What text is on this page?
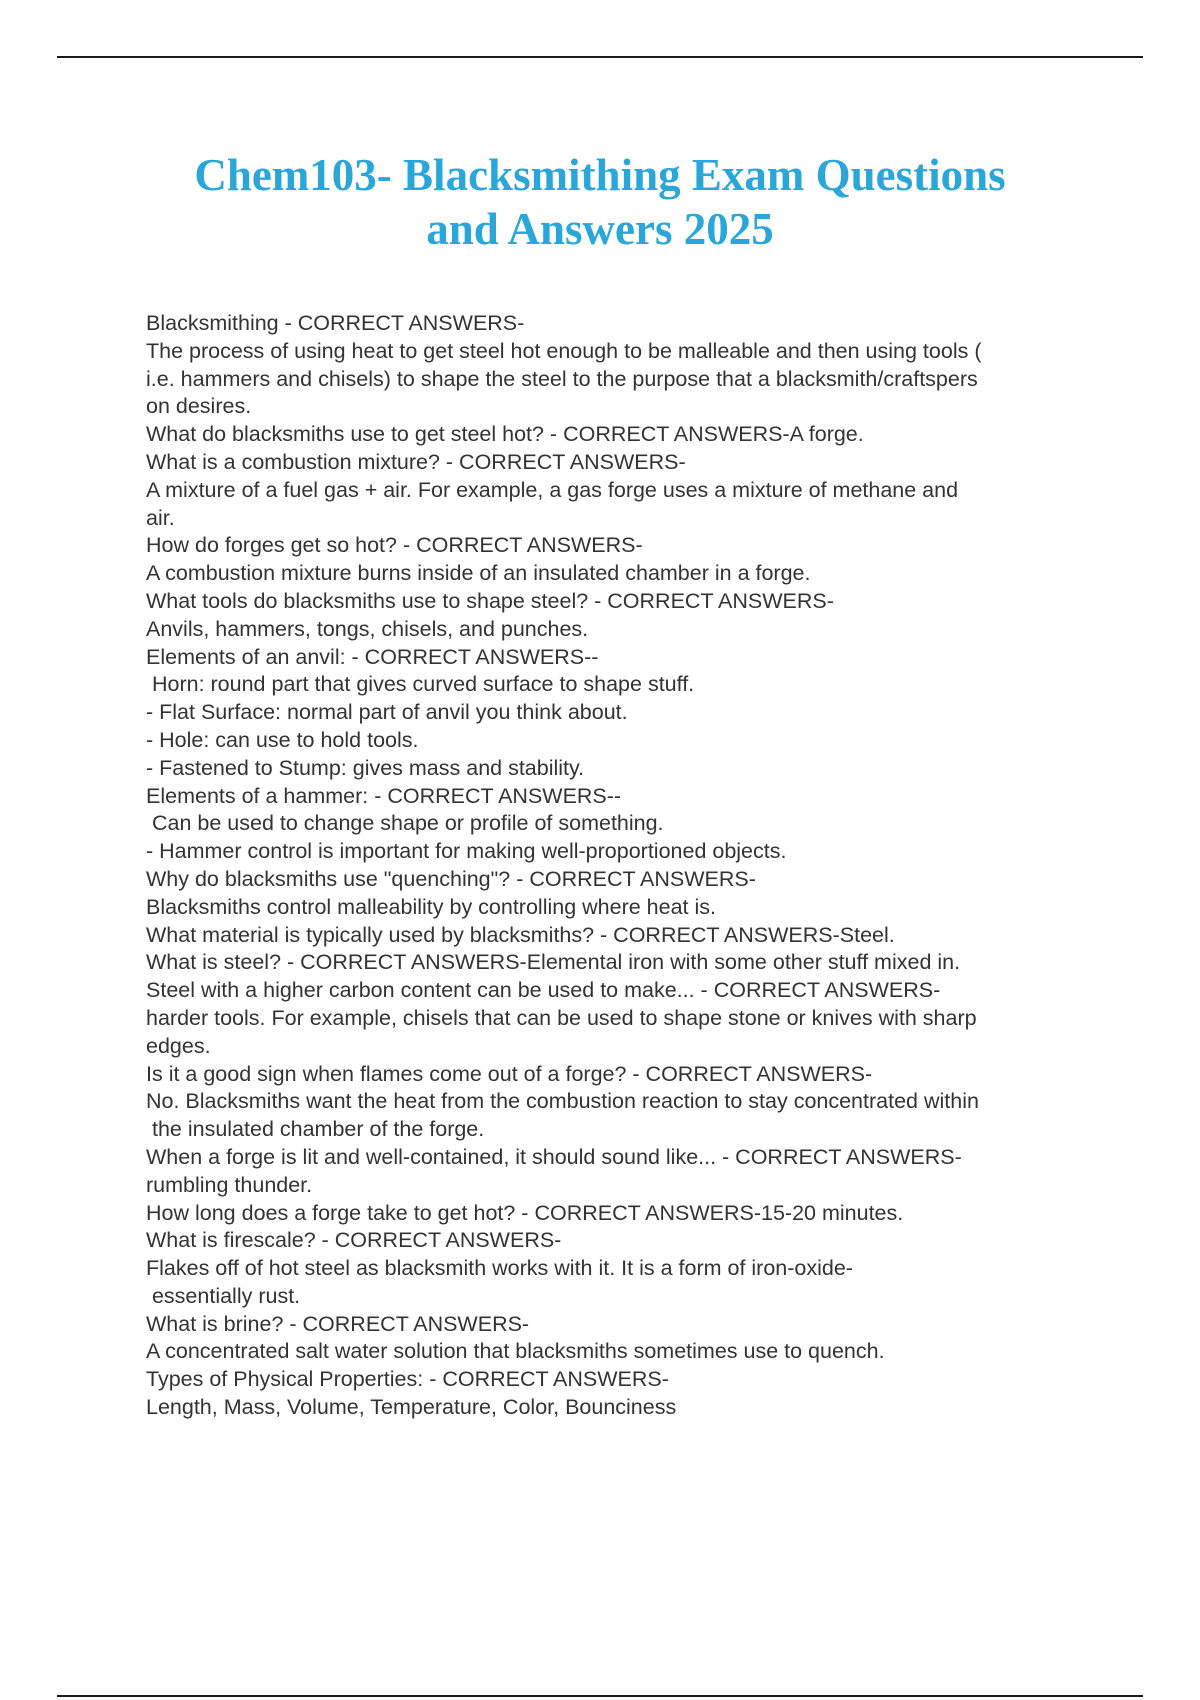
Chem103- Blacksmithing Exam Questions
and Answers 2025
Blacksmithing - CORRECT ANSWERS-
The process of using heat to get steel hot enough to be malleable and then using tools (
i.e. hammers and chisels) to shape the steel to the purpose that a blacksmith/craftspers
on desires.
What do blacksmiths use to get steel hot? - CORRECT ANSWERS-A forge.
What is a combustion mixture? - CORRECT ANSWERS-
A mixture of a fuel gas + air. For example, a gas forge uses a mixture of methane and
air.
How do forges get so hot? - CORRECT ANSWERS-
A combustion mixture burns inside of an insulated chamber in a forge.
What tools do blacksmiths use to shape steel? - CORRECT ANSWERS-
Anvils, hammers, tongs, chisels, and punches.
Elements of an anvil: - CORRECT ANSWERS--
Horn: round part that gives curved surface to shape stuff.
- Flat Surface: normal part of anvil you think about.
- Hole: can use to hold tools.
- Fastened to Stump: gives mass and stability.
Elements of a hammer: - CORRECT ANSWERS--
Can be used to change shape or profile of something.
- Hammer control is important for making well-proportioned objects.
Why do blacksmiths use "quenching"? - CORRECT ANSWERS-
Blacksmiths control malleability by controlling where heat is.
What material is typically used by blacksmiths? - CORRECT ANSWERS-Steel.
What is steel? - CORRECT ANSWERS-Elemental iron with some other stuff mixed in.
Steel with a higher carbon content can be used to make... - CORRECT ANSWERS-
harder tools. For example, chisels that can be used to shape stone or knives with sharp
edges.
Is it a good sign when flames come out of a forge? - CORRECT ANSWERS-
No. Blacksmiths want the heat from the combustion reaction to stay concentrated within
the insulated chamber of the forge.
When a forge is lit and well-contained, it should sound like... - CORRECT ANSWERS-
rumbling thunder.
How long does a forge take to get hot? - CORRECT ANSWERS-15-20 minutes.
What is firescale? - CORRECT ANSWERS-
Flakes off of hot steel as blacksmith works with it. It is a form of iron-oxide-
essentially rust.
What is brine? - CORRECT ANSWERS-
A concentrated salt water solution that blacksmiths sometimes use to quench.
Types of Physical Properties: - CORRECT ANSWERS-
Length, Mass, Volume, Temperature, Color, Bounciness
